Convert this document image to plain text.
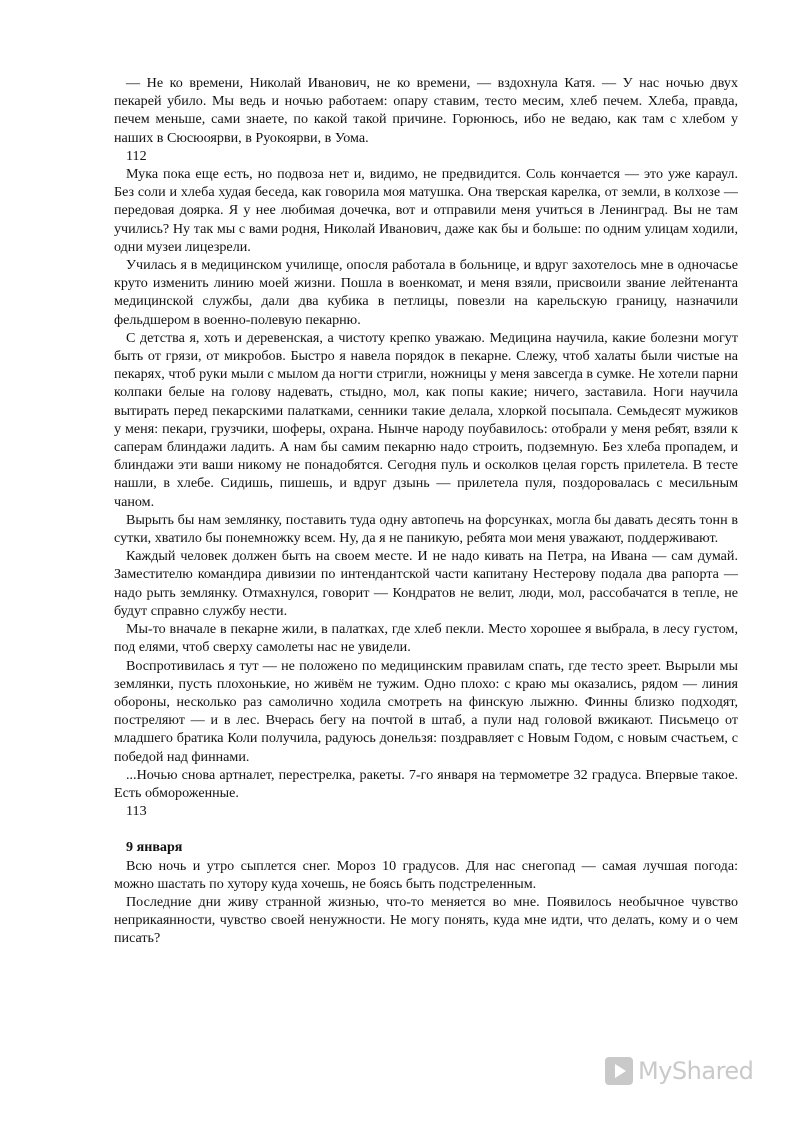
— Не ко времени, Николай Иванович, не ко времени, — вздохнула Катя. — У нас ночью двух пекарей убило. Мы ведь и ночью работаем: опару ставим, тесто месим, хлеб печем. Хлеба, правда, печем меньше, сами знаете, по какой такой причине. Горюнюсь, ибо не ведаю, как там с хлебом у наших в Сюсюоярви, в Руокоярви, в Уома.

112

Мука пока еще есть, но подвоза нет и, видимо, не предвидится. Соль кончается — это уже караул. Без соли и хлеба худая беседа, как говорила моя матушка. Она тверская карелка, от земли, в колхозе — передовая доярка. Я у нее любимая дочечка, вот и отправили меня учиться в Ленинград. Вы не там учились? Ну так мы с вами родня, Николай Иванович, даже как бы и больше: по одним улицам ходили, одни музеи лицезрели.

Училась я в медицинском училище, опосля работала в больнице, и вдруг захотелось мне в одночасье круто изменить линию моей жизни. Пошла в военкомат, и меня взяли, присвоили звание лейтенанта медицинской службы, дали два кубика в петлицы, повезли на карельскую границу, назначили фельдшером в военно-полевую пекарню.

С детства я, хоть и деревенская, а чистоту крепко уважаю. Медицина научила, какие болезни могут быть от грязи, от микробов. Быстро я навела порядок в пекарне. Слежу, чтоб халаты были чистые на пекарях, чтоб руки мыли с мылом да ногти стригли, ножницы у меня завсегда в сумке. Не хотели парни колпаки белые на голову надевать, стыдно, мол, как попы какие; ничего, заставила. Ноги научила вытирать перед пекарскими палатками, сенники такие делала, хлоркой посыпала. Семьдесят мужиков у меня: пекари, грузчики, шоферы, охрана. Нынче народу поубавилось: отобрали у меня ребят, взяли к саперам блиндажи ладить. А нам бы самим пекарню надо строить, подземную. Без хлеба пропадем, и блиндажи эти ваши никому не понадобятся. Сегодня пуль и осколков целая горсть прилетела. В тесте нашли, в хлебе. Сидишь, пишешь, и вдруг дзынь — прилетела пуля, поздоровалась с месильным чаном.

Вырыть бы нам землянку, поставить туда одну автопечь на форсунках, могла бы давать десять тонн в сутки, хватило бы понемножку всем. Ну, да я не паникую, ребята мои меня уважают, поддерживают.

Каждый человек должен быть на своем месте. И не надо кивать на Петра, на Ивана — сам думай. Заместителю командира дивизии по интендантской части капитану Нестерову подала два рапорта — надо рыть землянку. Отмахнулся, говорит — Кондратов не велит, люди, мол, рассобачатся в тепле, не будут справно службу нести.

Мы-то вначале в пекарне жили, в палатках, где хлеб пекли. Место хорошее я выбрала, в лесу густом, под елями, чтоб сверху самолеты нас не увидели.

Воспротивилась я тут — не положено по медицинским правилам спать, где тесто зреет. Вырыли мы землянки, пусть плохонькие, но живём не тужим. Одно плохо: с краю мы оказались, рядом — линия обороны, несколько раз самолично ходила смотреть на финскую лыжню. Финны близко подходят, постреляют — и в лес. Вчерась бегу на почтой в штаб, а пули над головой вжикают. Письмецо от младшего братика Коли получила, радуюсь донельзя: поздравляет с Новым Годом, с новым счастьем, с победой над финнами.

...Ночью снова артналет, перестрелка, ракеты. 7-го января на термометре 32 градуса. Впервые такое. Есть обмороженные.

113

9 января

Всю ночь и утро сыплется снег. Мороз 10 градусов. Для нас снегопад — самая лучшая погода: можно шастать по хутору куда хочешь, не боясь быть подстреленным.

Последние дни живу странной жизнью, что-то меняется во мне. Появилось необычное чувство неприкаянности, чувство своей ненужности. Не могу понять, куда мне идти, что делать, кому и о чем писать?

MyShared
